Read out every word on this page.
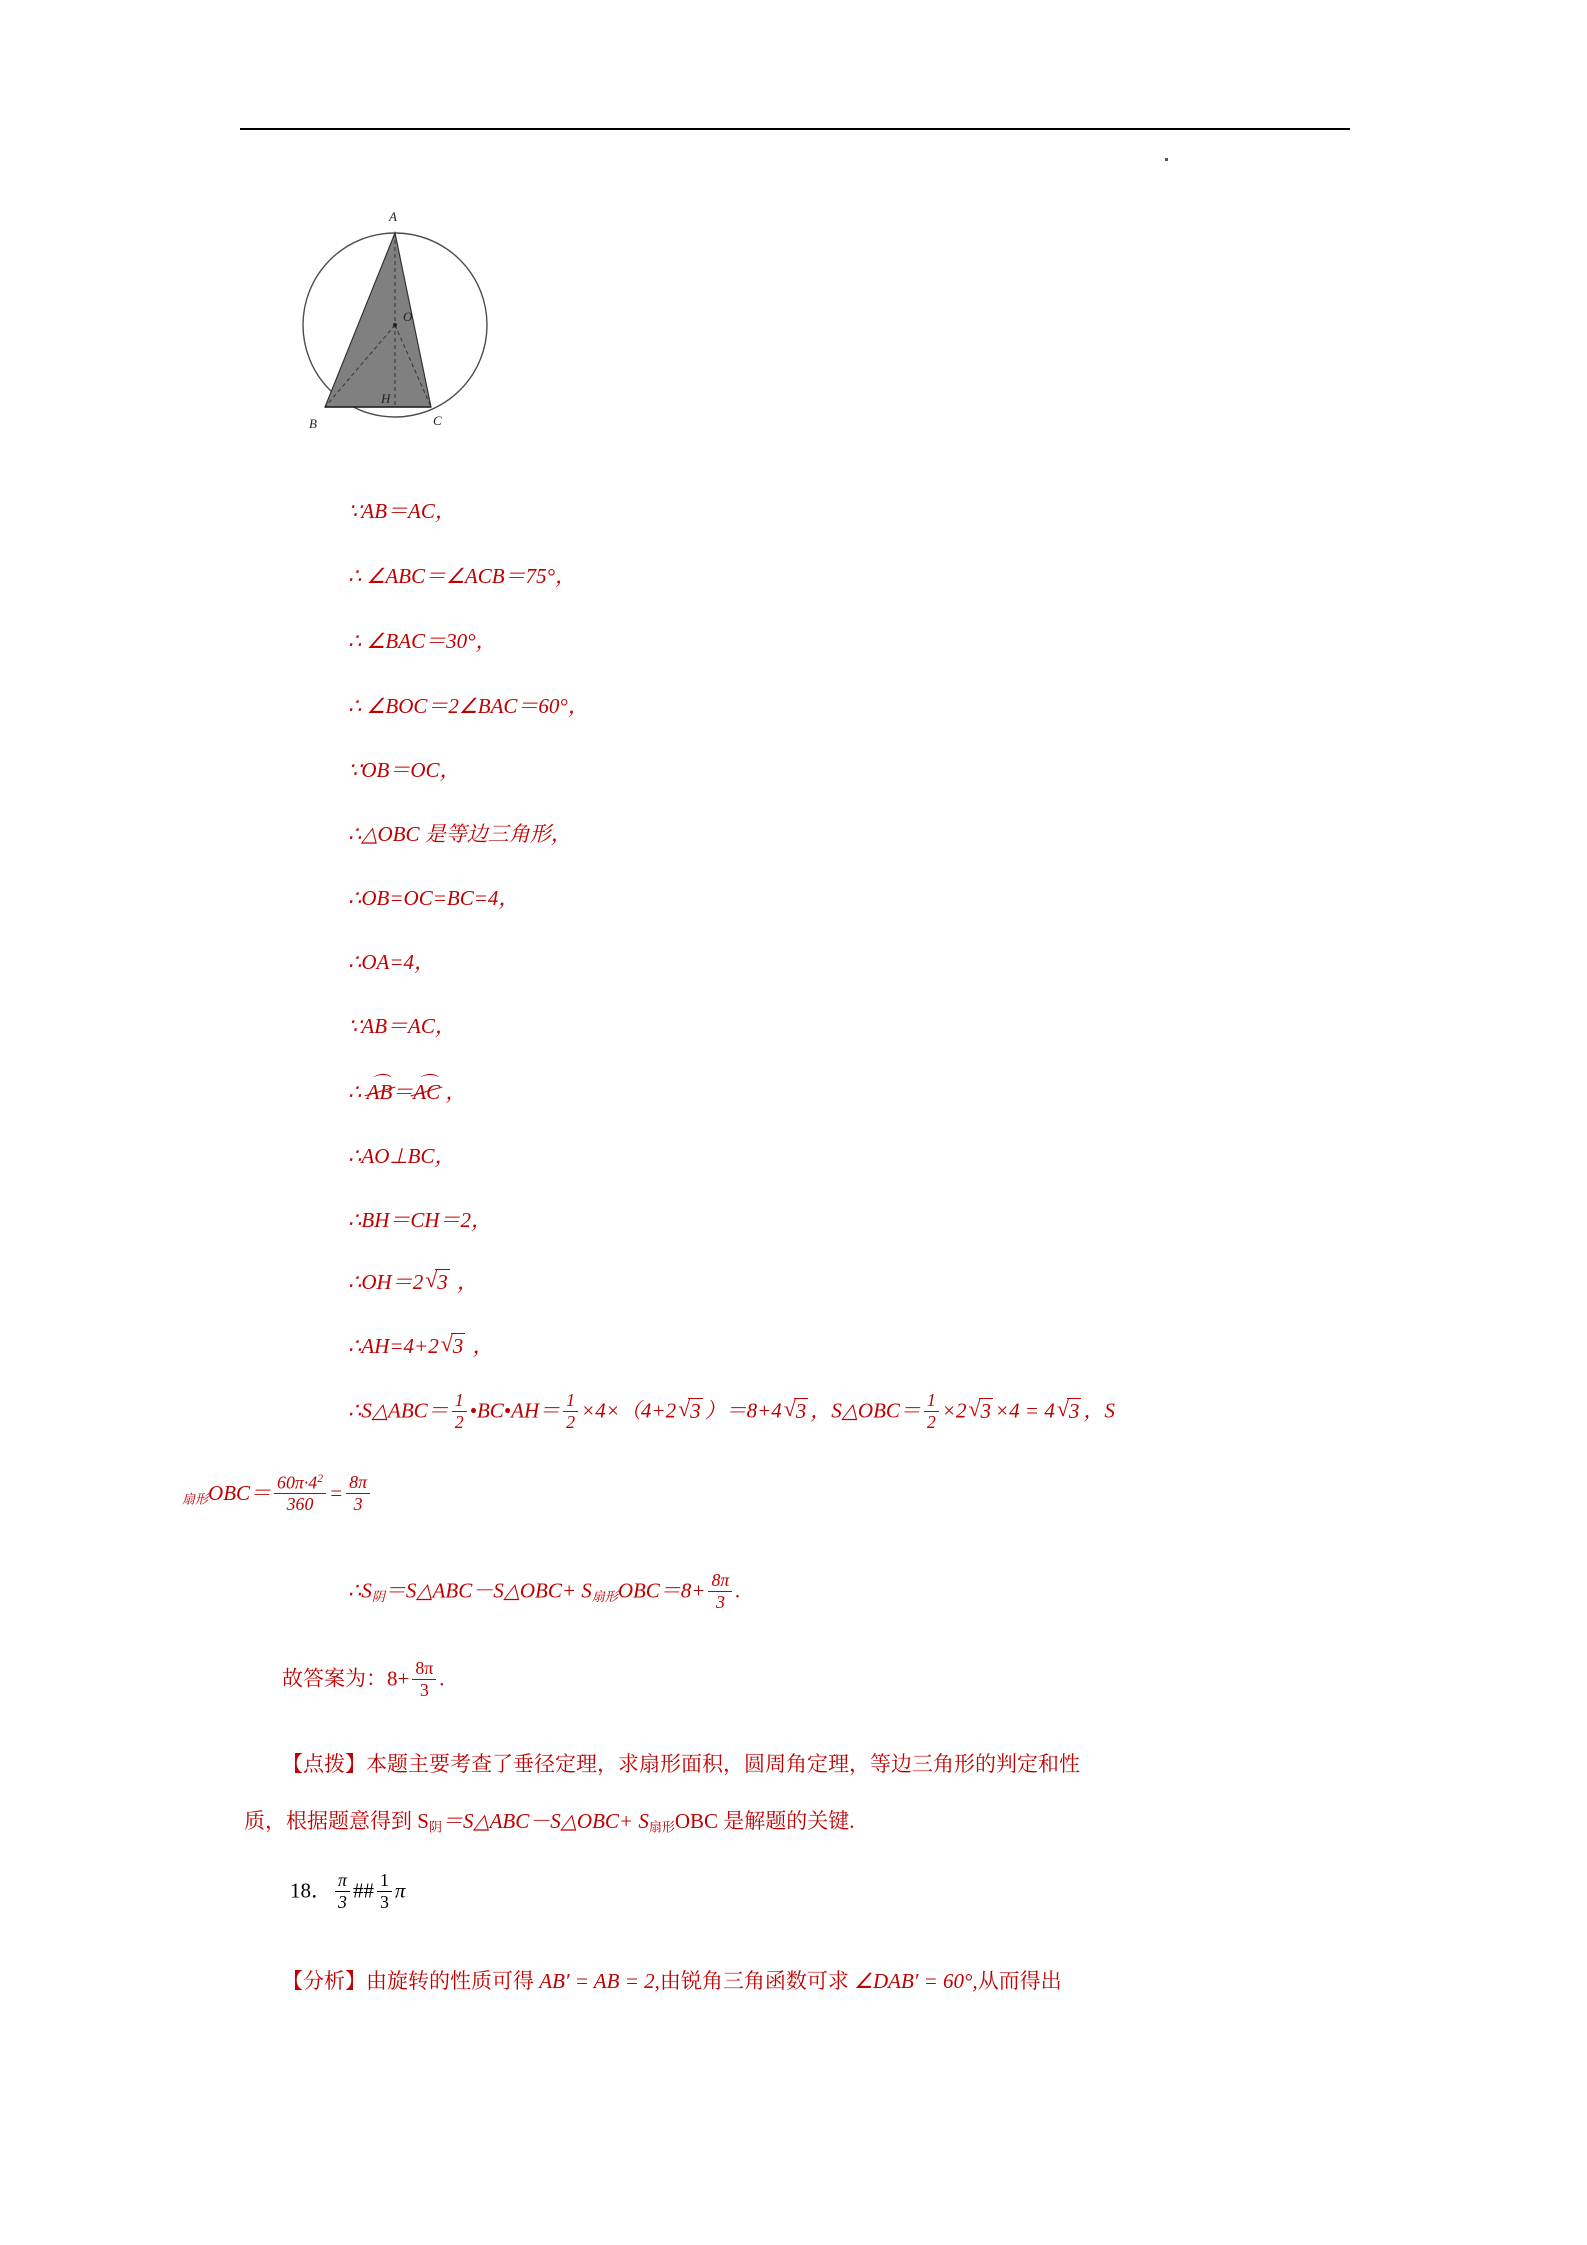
A
O
H
B	C
∵AB＝AC，
∴ ∠ABC＝∠ACB＝75°，
∴ ∠BAC＝30°，
∴ ∠BOC＝2∠BAC＝60°，
∵OB＝OC，
∴△OBC 是等边三角形，
∴OB=OC=BC=4，
∴OA=4，
∵AB＝AC，
∴ ⌒ AB＝⌒ AC ，
∴AO⊥BC，
∴BH＝CH＝2，
∴OH＝2 √ 3 ，
∴AH=4+2 √ 3 ，
∴S△ABC＝ $\frac{1}{2}$ •BC•AH＝ $\frac{1}{2} \times 4\times(4+2$ √ 3 ）＝8+4 √ 3 ，S△OBC＝ $\frac{1}{2} \times 2$ √ 3 ×4 = 4 √ 3 ，S
$_{扇形}OBC= \frac{60\pi\cdot 4^2}{360} = \frac{8\pi}{3}$
$\therefore S_阴=S\triangle ABC-S\triangle OBC+ S_{扇形}OBC=8+ \frac{8\pi}{3}$ .
故答案为：$8+ \frac{8\pi}{3}$ .
【点拨】本题主要考查了垂径定理，求扇形面积，圆周角定理，等边三角形的判定和性
质，根据题意得到 $S_阴=S\triangle ABC-S\triangle OBC+ S_{扇形}OBC$ 是解题的关键.
18． $\frac{\pi}{3}$ ## $\frac{1}{3}$ π
【分析】由旋转的性质可得 AB′ = AB = 2,由锐角三角函数可求 ∠DAB′ = 60°,从而得出
